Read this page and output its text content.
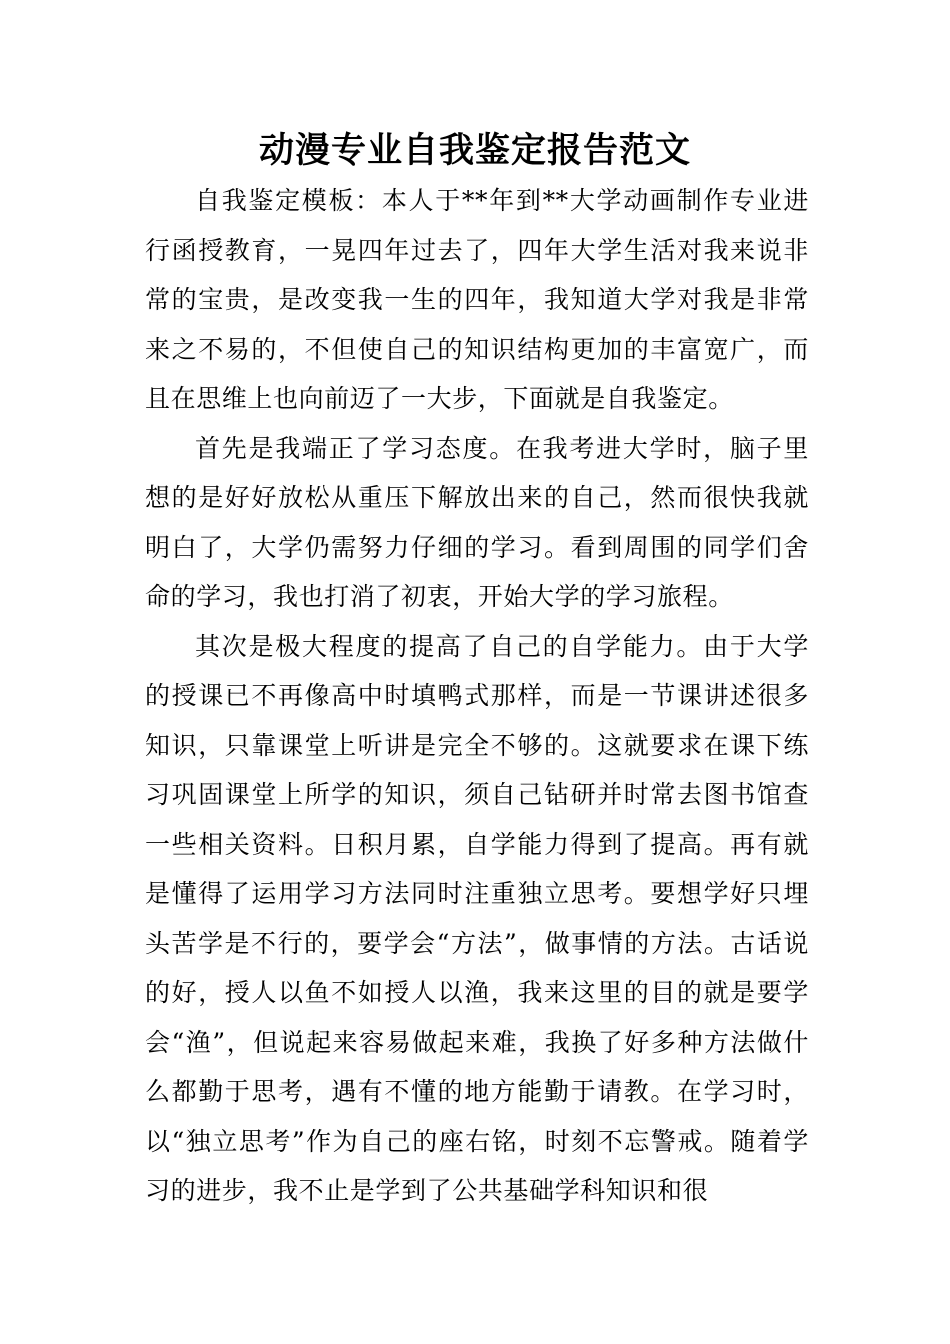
动漫专业自我鉴定报告范文

自我鉴定模板：本人于**年到**大学动画制作专业进行函授教育，一晃四年过去了，四年大学生活对我来说非常的宝贵，是改变我一生的四年，我知道大学对我是非常来之不易的，不但使自己的知识结构更加的丰富宽广，而且在思维上也向前迈了一大步，下面就是自我鉴定。

首先是我端正了学习态度。在我考进大学时，脑子里想的是好好放松从重压下解放出来的自己，然而很快我就明白了，大学仍需努力仔细的学习。看到周围的同学们舍命的学习，我也打消了初衷，开始大学的学习旅程。

其次是极大程度的提高了自己的自学能力。由于大学的授课已不再像高中时填鸭式那样，而是一节课讲述很多知识，只靠课堂上听讲是完全不够的。这就要求在课下练习巩固课堂上所学的知识，须自己钻研并时常去图书馆查一些相关资料。日积月累，自学能力得到了提高。再有就是懂得了运用学习方法同时注重独立思考。要想学好只埋头苦学是不行的，要学会“方法”，做事情的方法。古话说的好，授人以鱼不如授人以渔，我来这里的目的就是要学会“渔”，但说起来容易做起来难，我换了好多种方法做什么都勤于思考，遇有不懂的地方能勤于请教。在学习时，以“独立思考”作为自己的座右铭，时刻不忘警戒。随着学习的进步，我不止是学到了公共基础学科知识和很
